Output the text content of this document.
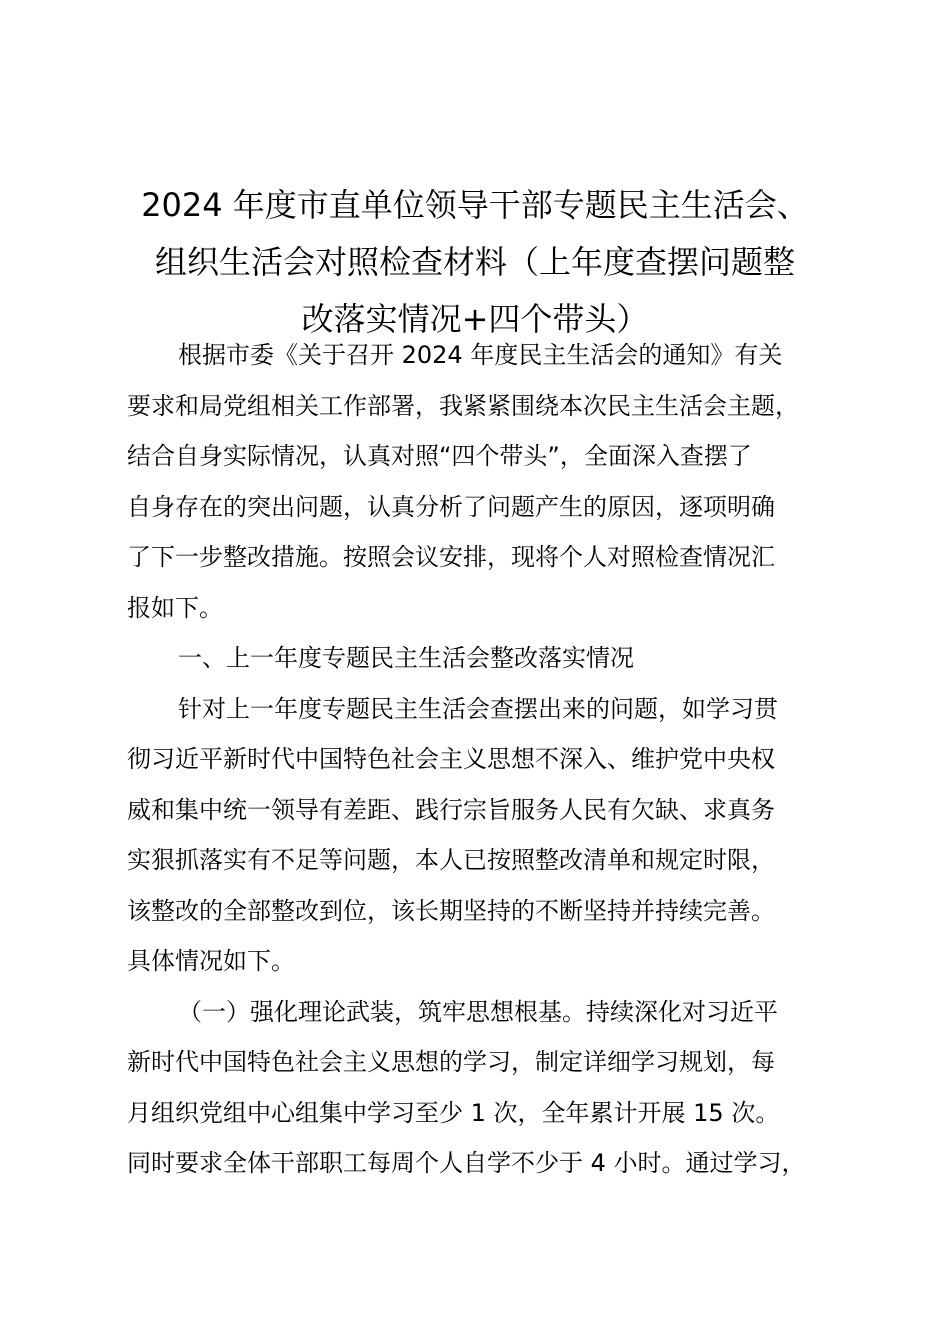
2024 年度市直单位领导干部专题民主生活会、
组织生活会对照检查材料（上年度查摆问题整
改落实情况+四个带头）

根据市委《关于召开 2024 年度民主生活会的通知》有关
要求和局党组相关工作部署，我紧紧围绕本次民主生活会主题，
结合自身实际情况，认真对照“四个带头”，全面深入查摆了
自身存在的突出问题，认真分析了问题产生的原因，逐项明确
了下一步整改措施。按照会议安排，现将个人对照检查情况汇
报如下。

一、上一年度专题民主生活会整改落实情况

针对上一年度专题民主生活会查摆出来的问题，如学习贯
彻习近平新时代中国特色社会主义思想不深入、维护党中央权
威和集中统一领导有差距、践行宗旨服务人民有欠缺、求真务
实狠抓落实有不足等问题，本人已按照整改清单和规定时限，
该整改的全部整改到位，该长期坚持的不断坚持并持续完善。
具体情况如下。

（一）强化理论武装，筑牢思想根基。持续深化对习近平
新时代中国特色社会主义思想的学习，制定详细学习规划，每
月组织党组中心组集中学习至少 1 次，全年累计开展 15 次。
同时要求全体干部职工每周个人自学不少于 4 小时。通过学习，
